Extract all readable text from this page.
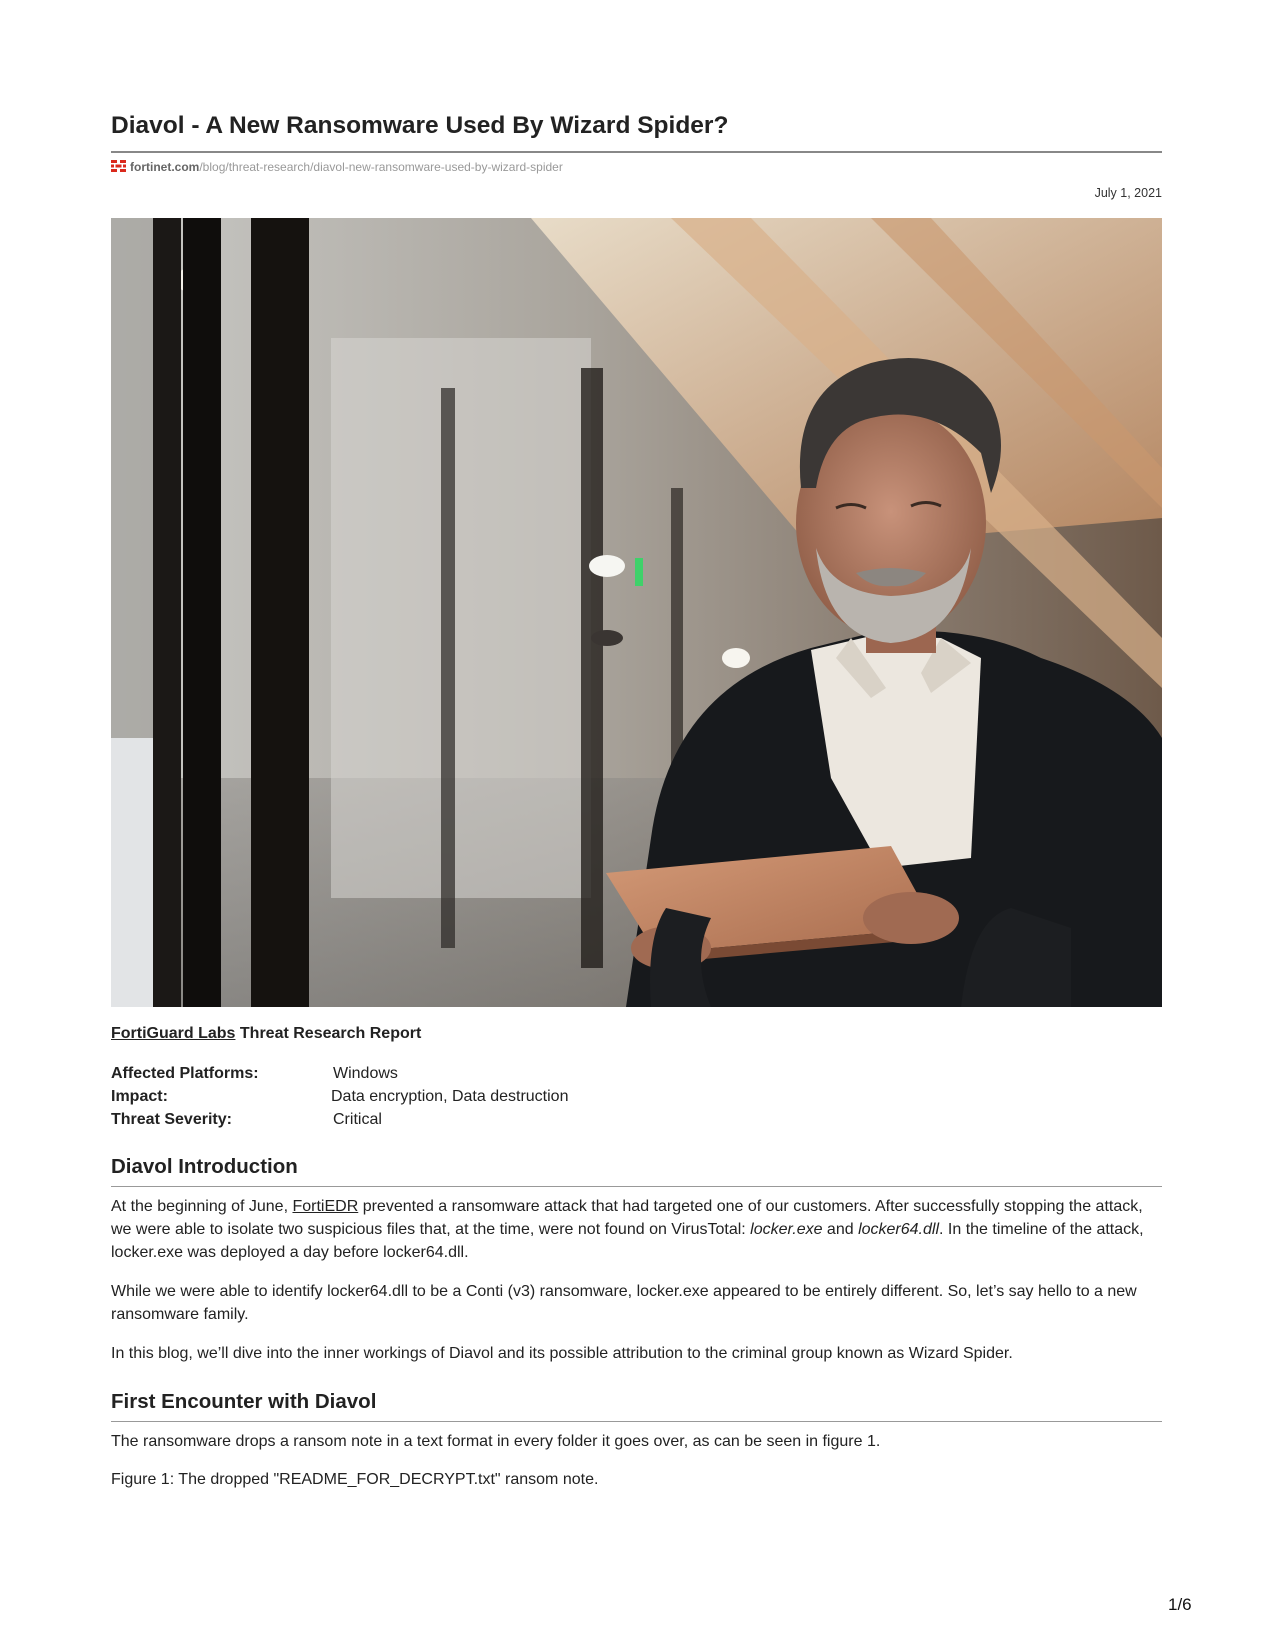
Diavol - A New Ransomware Used By Wizard Spider?
fortinet.com/blog/threat-research/diavol-new-ransomware-used-by-wizard-spider
July 1, 2021
FortiGuard Labs Threat Research Report
Affected Platforms:	Windows
Impact:	Data encryption, Data destruction
Threat Severity:	Critical
Diavol Introduction

At the beginning of June, FortiEDR prevented a ransomware attack that had targeted one of our customers. After successfully stopping the attack, we were able to isolate two suspicious files that, at the time, were not found on VirusTotal: locker.exe and locker64.dll. In the timeline of the attack, locker.exe was deployed a day before locker64.dll.

While we were able to identify locker64.dll to be a Conti (v3) ransomware, locker.exe appeared to be entirely different. So, let’s say hello to a new ransomware family.

In this blog, we’ll dive into the inner workings of Diavol and its possible attribution to the criminal group known as Wizard Spider.

First Encounter with Diavol

The ransomware drops a ransom note in a text format in every folder it goes over, as can be seen in figure 1.

Figure 1: The dropped "README_FOR_DECRYPT.txt" ransom note.

1/6
